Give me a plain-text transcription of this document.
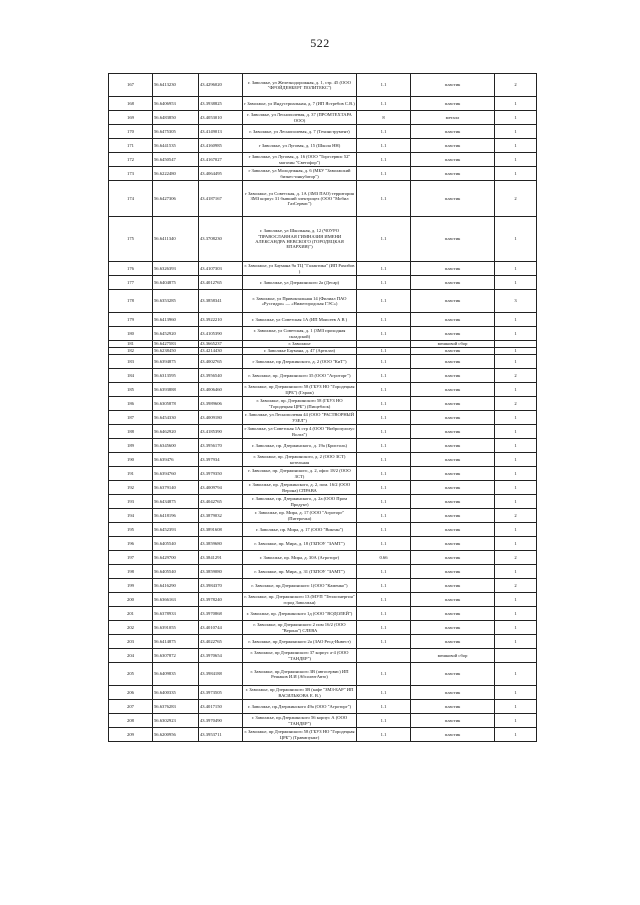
522
167	56.6413230	43.4296020	г. Заволжье, ул Железнодорожная, д. 1, стр. 45 (ООО "ФРОЙДЕНБЕРГ ПОЛИТЕКС")	1.1	пластик	2
168	56.6406953	43.3938825	г Заволжье, ул Индустриальная, д. 7 (ИП Ястребов С.В.)	1.1	пластик	1
169	56.6483850	43.4053010	г. Заволжье, ул Леснополевая, д. 37 (ПРОМТЕХТАРА ООО)	8	металл	1
170	56.6475305	43.4149013	г. Заволжье, ул Леснополевая, д. 7 (Техинструмент)	1.1	пластик	1
171	56.6441535	43.4160985	г Заволжье, ул Луговая, д. 15 (Школа НН)	1.1	пластик	1
172	56.6450547	43.4167027	г Заволжье, ул Луговая, д. 16 (ООО "Торгсервис 52" магазин "Светофор")	1.1	пластик	1
173	56.6222480	43.4064495	г Заволжье, ул Молодежная, д. 6 (МБУ "Заволжский бизнес-инкубатор")	1.1	пластик	1
174	56.6427306	43.4187167	г Заволжье, ул Советская, д. 1А (ЗМЗ ПАО) территория ЗМЗ корпус 31 бывший электроцех (ООО "Мобил ГазСервис")	1.1	пластик	2
175	56.6411340	43.3708230	г. Заволжье, ул Школьная, д. 12 (ЧОУРО "ПРАВОСЛАВНАЯ ГИМНАЗИЯ ИМЕНИ АЛЕКСАНДРА НЕВСКОГО (ГОРОДЕЦКАЯ ЕПАРХИЯ)")	1.1	пластик	1
176	56.6326393	43.4107303	г. Заволжье, ул Баумана 9а ТЦ "Галактика" (ИП Рахибов )	1.1	пластик	1
177	56.6404875	43.4012765	г. Заволжье, ул Дзержинского 2а (Десар)	1.1	пластик	1
178	56.6353285	43.3858341	г. Заволжье, ул Привокзальная 14 (Филиал ПАО «Русгидро» — «Нижегородская ГЭС»)	1.1	пластик	3
179	56.6413960	43.3922210	г. Заволжье, ул Советская 1А (ИП Моисеев А В )	1.1	пластик	1
180	56.6452920	43.4105390	г. Заволжье, ул Советская, д. 1 (ЗМЗ проходная складской)	1.1	пластик	1
181	56.6427583	43.3665237	г. Заволжье		мешковой сбор	
182	56.6238450	43.4214430	г. Заволжье Баумана, д. 47 (Артплаз)	1.1	пластик	1
183	56.6394875	43.4002765	г Заволжье, пр Дзержинского, д. 2 (ООО "КиТ")	1.1	пластик	1
184	56.6313595	43.3956540	г. Заволжье, пр. Дзержинского 35 (ООО "Агроторг")	1.1	пластик	2
185	56.6393888	43.4006460	г. Заволжье, пр Дзержинского 58 (ГБУЗ НО "Городецкая ЦРБ") (Гараж)	1.1	пластик	1
186	56.6305878	43.3989606	г. Заволжье, пр. Дзержинского 58 (ГБУЗ НО "Городецкая ЦРБ") (Пищеблок)	1.1	пластик	2
187	56.6454330	43.4009180	г. Заволжье, ул Леснополевая 44 (ООО "РАСТВОРНЫЙ УЗЕЛ")	1.1	пластик	1
188	56.6462920	43.4185390	г Заволжье, ул Советская 1А стр 4 (ООО "Вибропультус Волга")	1.1	пластик	1
189	56.6345600	43.3956170	г. Заволжье, пр. Дзержинского, д. 19а (Бристоль)	1.1	пластик	1
190	56.639476	43.397934	г. Заволжье, пр. Дзержинского, д. 2 (ООО ЗСТ) котельная	1.1	пластик	1
191	56.6394760	43.3979350	г. Заволжье, пр. Дзержинского, д. 2, офис 18/2 (ООО ЗСТ)	1.1	пластик	1
192	56.6379140	43.4009794	г. Заволжье, пр. Дзержинского, д. 2, пом. 16/2 (ООО Верона) СПРАВА	1.1	пластик	1
193	56.6434875	43.4042765	г. Заволжье, пр. Дзержинского, д. 2а (ООО Пром Продукт)	1.1	пластик	1
194	56.6418196	43.3879032	г. Заволжье, пр. Мира, д. 17 (ООО "Агроторг" (Пятерочка)	1.1	пластик	2
195	56.6452393	43.3891608	г. Заволжье, пр. Мира, д. 17 (ООО "Виктан")	1.1	пластик	1
196	56.6405540	43.3859680	г. Заволжье, пр. Мира, д. 18 (ГБПОУ "ЗАМТ")	1.1	пластик	1
197	56.6429700	43.3841291	г. Заволжье, пр. Мира, д. 30А (Агроторг)	0.66	пластик	2
198	56.6405540	43.3859080	г. Заволжье, пр. Мира, д. 31 (ГБПОУ "ЗАМТ")	1.1	пластик	1
199	56.6416290	43.3984370	г. Заволжье, пр.Дзержинского 1(ООО "Каменко")	1.1	пластик	2
200	56.6366163	43.3978240	г. Заволжье, пр. Дзержинского 13 (МУП "Теплоэнергия" город Заволжья)	1.1	пластик	1
201	56.6378933	43.3970868	г. Заволжье, пр. Дзержинского 1д (ООО "ВОДОЛЕЙ")	1.1	пластик	1
202	56.6391055	43.4010744	г. Заволжье, пр Дзержинского 2 пом 16/2 (ООО "Верона") СЛЕВА	1.1	пластик	1
203	56.6414875	43.4022765	г. Заволжье, пр Дзержинского 2а (ЗАО Ресд-Инвест)	1.1	пластик	1
204	56.6307872	43.3970654	г. Заволжье, пр Дзержинского 37 корпус а-4 (ООО "ТАНДЕР")		мешковой сбор	
205	56.6409835	43.3984188	г. Заволжье, пр.Дзержинского 3В (автосервис) ИП Решаков И.И (АбсолютАвто)	1.1	пластик	1
206	56.6400335	43.3973505	г. Заволжье, пр Дзержинского 3В (кафе "ЗМЗ-БАР" ИП ВАСИЛЬКОВА Е. В.)	1.1	пластик	1
207	56.6376283	43.4017150	г. Заволжье, пр.Дзержинского 49а (ООО "Агроторг")	1.1	пластик	1
208	56.6302923	43.3970490	г. Заволжье, пр.Дзержинского 56 корпус А (ООО "ТАНДЕР")	1.1	пластик	1
209	56.6200956	43.3953711	г. Заволжье, пр Дзержинского 58 (ГБУЗ НО "Городецкая ЦРБ") (Травмпункт)	1.1	пластик	1
